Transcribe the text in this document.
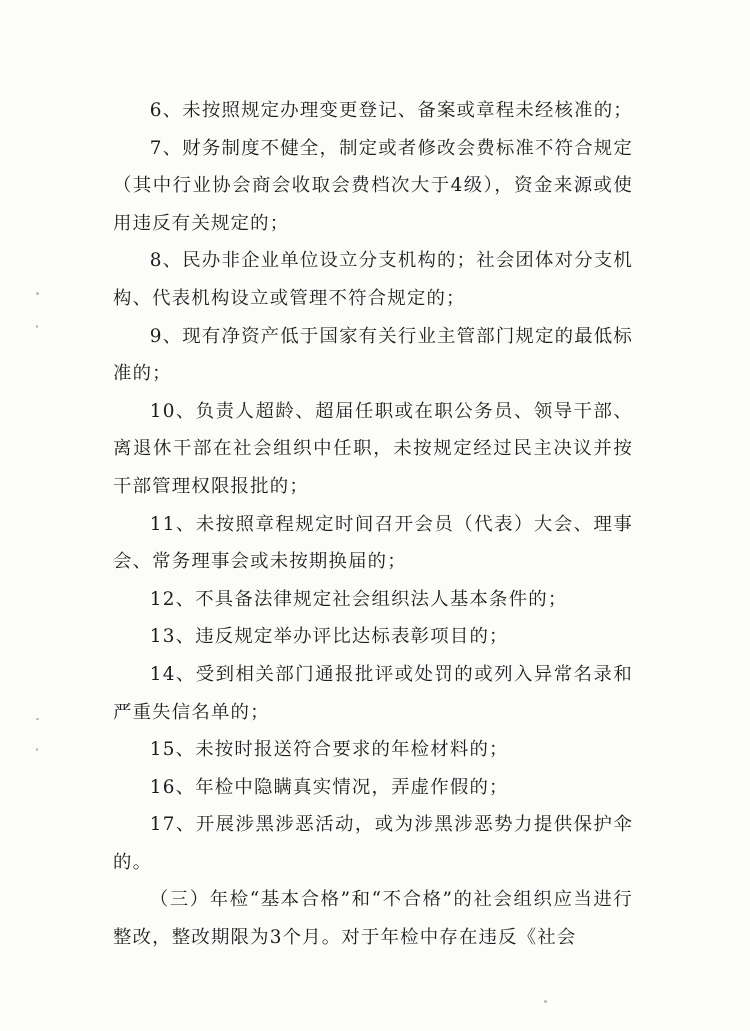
6、未按照规定办理变更登记、备案或章程未经核准的；

7、财务制度不健全，制定或者修改会费标准不符合规定（其中行业协会商会收取会费档次大于4级），资金来源或使用违反有关规定的；

8、民办非企业单位设立分支机构的；社会团体对分支机构、代表机构设立或管理不符合规定的；

9、现有净资产低于国家有关行业主管部门规定的最低标准的；

10、负责人超龄、超届任职或在职公务员、领导干部、离退休干部在社会组织中任职，未按规定经过民主决议并按干部管理权限报批的；

11、未按照章程规定时间召开会员（代表）大会、理事会、常务理事会或未按期换届的；

12、不具备法律规定社会组织法人基本条件的；

13、违反规定举办评比达标表彰项目的；

14、受到相关部门通报批评或处罚的或列入异常名录和严重失信名单的；

15、未按时报送符合要求的年检材料的；

16、年检中隐瞒真实情况，弄虚作假的；

17、开展涉黑涉恶活动，或为涉黑涉恶势力提供保护伞的。

（三）年检“基本合格”和“不合格”的社会组织应当进行整改，整改期限为3个月。对于年检中存在违反《社会
